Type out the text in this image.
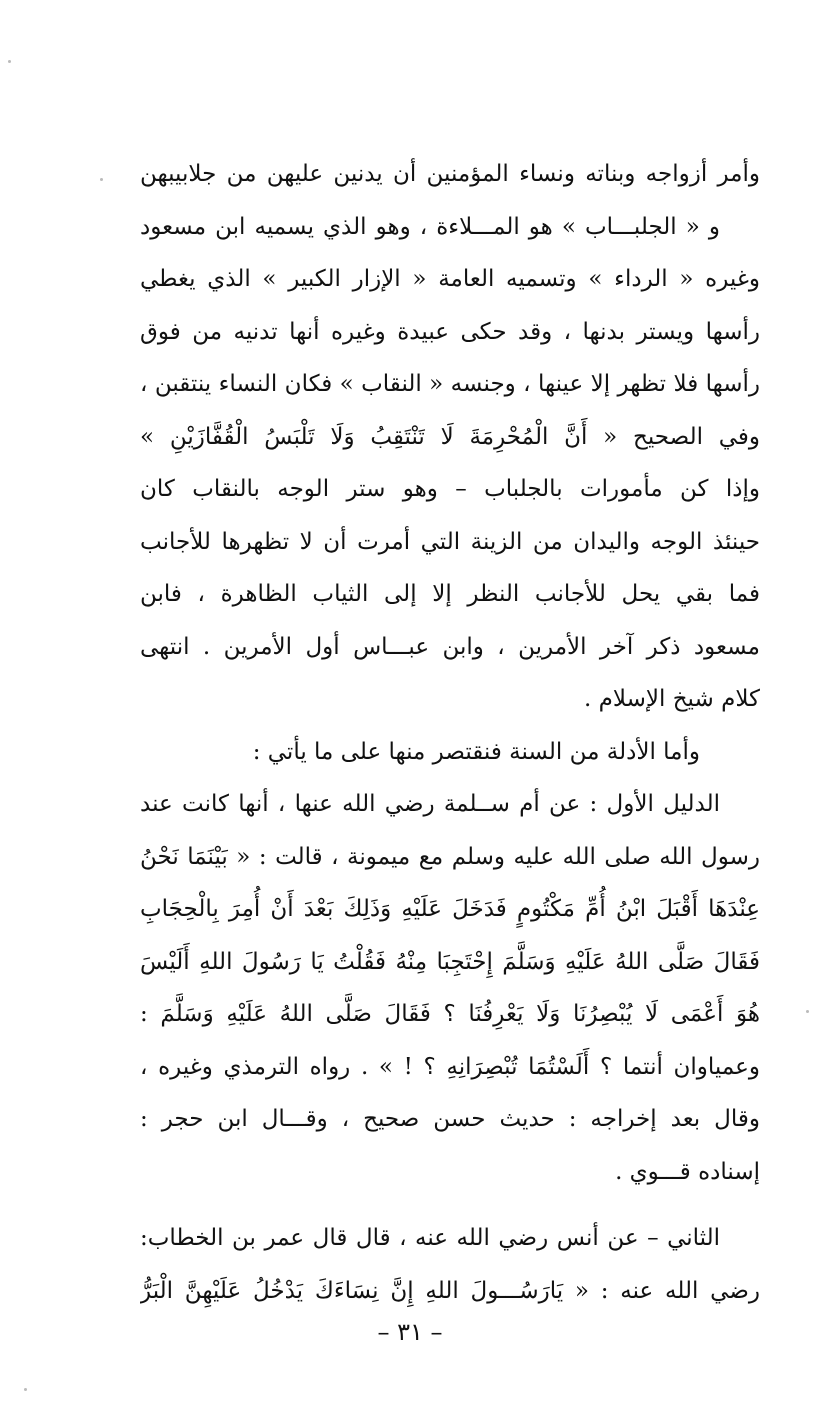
وأمر أزواجه وبناته ونساء المؤمنين أن يدنين عليهن من جلابيبهن
و « الجلبـــاب » هو المـــلاءة ، وهو الذي يسميه ابن مسعود
وغيره « الرداء » وتسميه العامة « الإزار الكبير » الذي يغطي
رأسها ويستر بدنها ، وقد حكى عبيدة وغيره أنها تدنيه من فوق
رأسها فلا تظهر إلا عينها ، وجنسه « النقاب » فكان النساء ينتقبن ،
وفي الصحيح « أَنَّ الْمُحْرِمَةَ لَا تَنْتَقِبُ وَلَا تَلْبَسُ الْقُفَّازَيْنِ »
وإذا كن مأمورات بالجلباب – وهو ستر الوجه بالنقاب كان
حينئذ الوجه واليدان من الزينة التي أمرت أن لا تظهرها للأجانب
فما بقي يحل للأجانب النظر إلا إلى الثياب الظاهرة ، فابن
مسعود ذكر آخر الأمرين ، وابن عبـــاس أول الأمرين . انتهى
كلام شيخ الإسلام .
وأما الأدلة من السنة فنقتصر منها على ما يأتي :
الدليل الأول : عن أم ســلمة رضي الله عنها ، أنها كانت عند
رسول الله صلى الله عليه وسلم مع ميمونة ، قالت : « بَيْنَمَا نَحْنُ
عِنْدَهَا أَقْبَلَ ابْنُ أُمِّ مَكْتُومٍ فَدَخَلَ عَلَيْهِ وَذَلِكَ بَعْدَ أَنْ أُمِرَ بِالْحِجَابِ
فَقَالَ صَلَّى اللهُ عَلَيْهِ وَسَلَّمَ إِحْتَجِبَا مِنْهُ فَقُلْتُ يَا رَسُولَ اللهِ أَلَيْسَ
هُوَ أَعْمَى لَا يُبْصِرُنَا وَلَا يَعْرِفُنَا ؟ فَقَالَ صَلَّى اللهُ عَلَيْهِ وَسَلَّمَ :
وعمياوان أنتما ؟ أَلَسْتُمَا تُبْصِرَانِهِ ؟ ! » . رواه الترمذي وغيره ،
وقال بعد إخراجه : حديث حسن صحيح ، وقـــال ابن حجر :
إسناده قـــوي .
الثاني – عن أنس رضي الله عنه ، قال قال عمر بن الخطاب:
رضي الله عنه : « يَارَسُـــولَ اللهِ إِنَّ نِسَاءَكَ يَدْخُلُ عَلَيْهِنَّ الْبَرُّ
– ٣١ –
